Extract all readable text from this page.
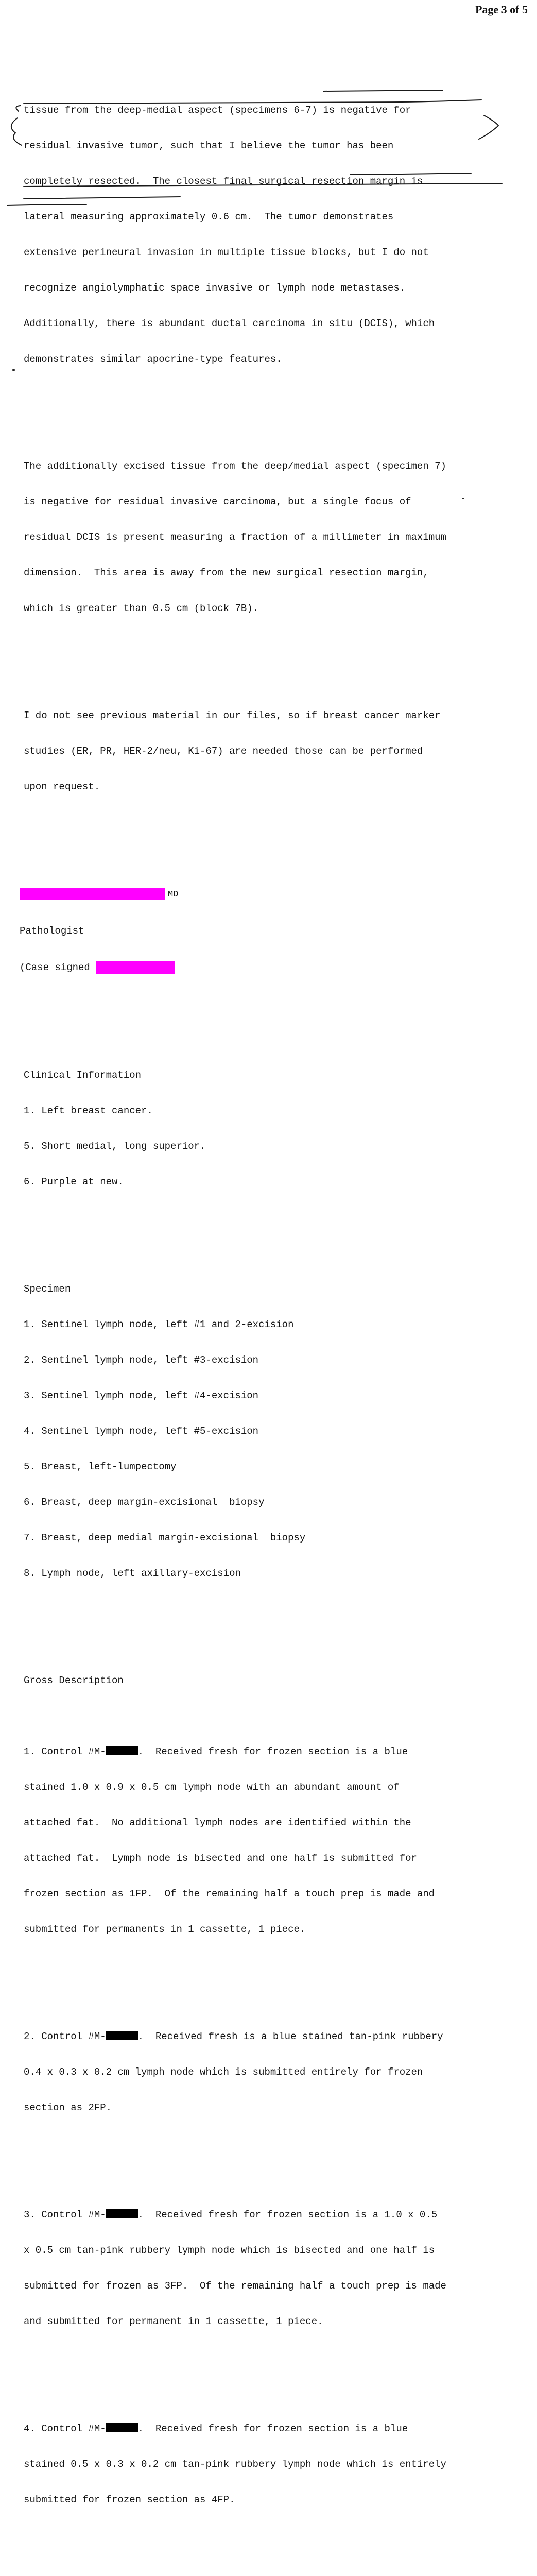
Page 3 of 5

tissue from the deep-medial aspect (specimens 6-7) is negative for

residual invasive tumor, such that I believe the tumor has been

completely resected.  The closest final surgical resection margin is

lateral measuring approximately 0.6 cm.  The tumor demonstrates

extensive perineural invasion in multiple tissue blocks, but I do not

recognize angiolymphatic space invasive or lymph node metastases.

Additionally, there is abundant ductal carcinoma in situ (DCIS), which

demonstrates similar apocrine-type features.

The additionally excised tissue from the deep/medial aspect (specimen 7)

is negative for residual invasive carcinoma, but a single focus of

residual DCIS is present measuring a fraction of a millimeter in maximum

dimension.  This area is away from the new surgical resection margin,

which is greater than 0.5 cm (block 7B).

I do not see previous material in our files, so if breast cancer marker

studies (ER, PR, HER-2/neu, Ki-67) are needed those can be performed

upon request.

MD

Pathologist

(Case signed

Clinical Information

1. Left breast cancer.

5. Short medial, long superior.

6. Purple at new.

Specimen

1. Sentinel lymph node, left #1 and 2-excision

2. Sentinel lymph node, left #3-excision

3. Sentinel lymph node, left #4-excision

4. Sentinel lymph node, left #5-excision

5. Breast, left-lumpectomy

6. Breast, deep margin-excisional  biopsy

7. Breast, deep medial margin-excisional  biopsy

8. Lymph node, left axillary-excision

Gross Description

1. Control #M-	.  Received fresh for frozen section is a blue

stained 1.0 x 0.9 x 0.5 cm lymph node with an abundant amount of

attached fat.  No additional lymph nodes are identified within the

attached fat.  Lymph node is bisected and one half is submitted for

frozen section as 1FP.  Of the remaining half a touch prep is made and

submitted for permanents in 1 cassette, 1 piece.

2. Control #M-	.  Received fresh is a blue stained tan-pink rubbery

0.4 x 0.3 x 0.2 cm lymph node which is submitted entirely for frozen

section as 2FP.

3. Control #M-	.  Received fresh for frozen section is a 1.0 x 0.5

x 0.5 cm tan-pink rubbery lymph node which is bisected and one half is

submitted for frozen as 3FP.  Of the remaining half a touch prep is made

and submitted for permanent in 1 cassette, 1 piece.

4. Control #M-	.  Received fresh for frozen section is a blue

stained 0.5 x 0.3 x 0.2 cm tan-pink rubbery lymph node which is entirely

submitted for frozen section as 4FP.
